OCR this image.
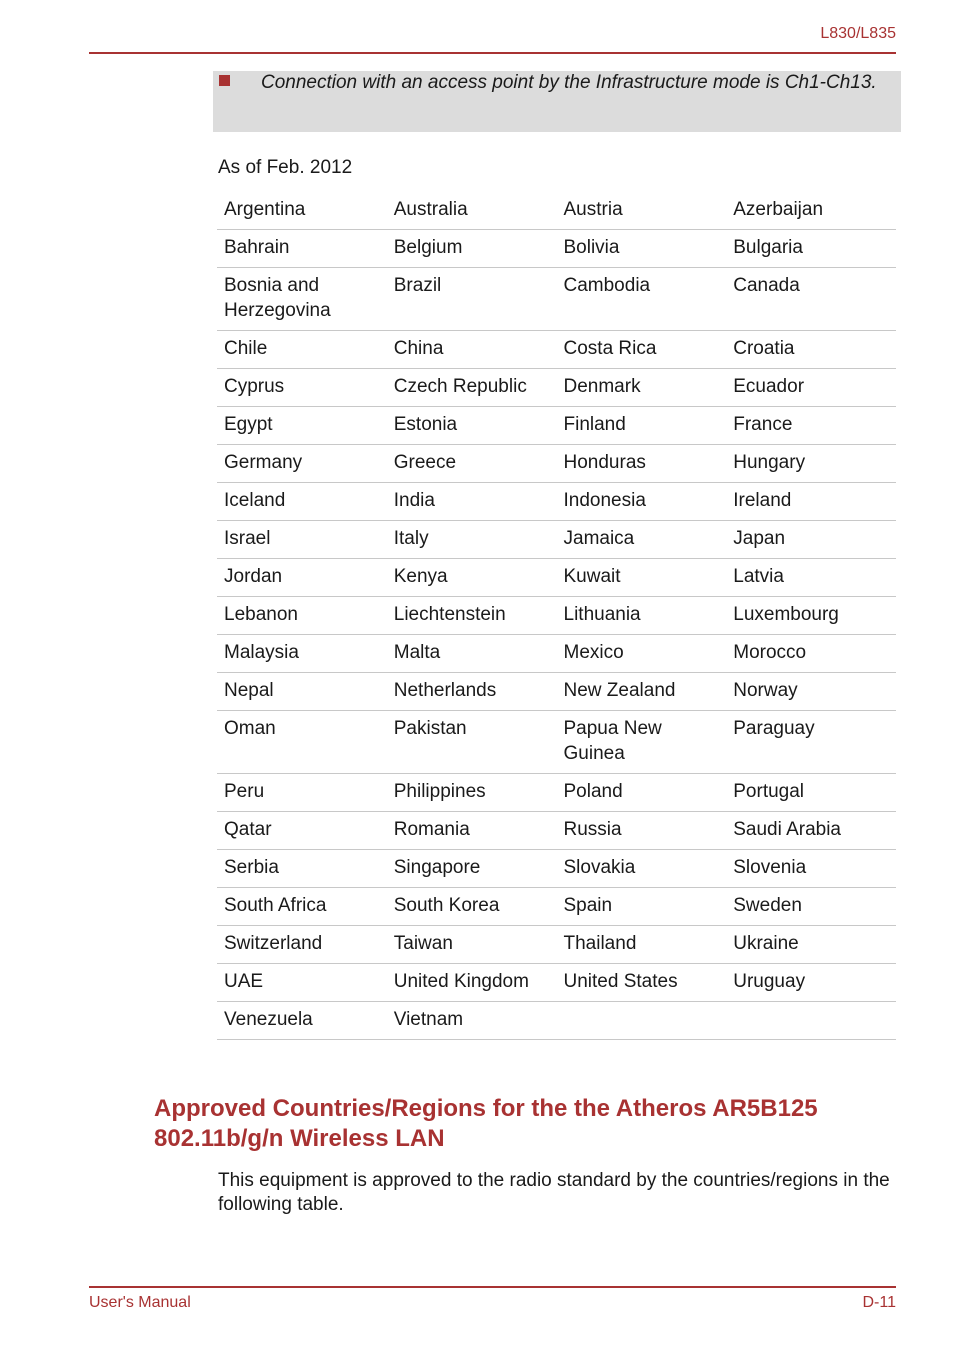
L830/L835
Connection with an access point by the Infrastructure mode is Ch1-Ch13.
As of Feb. 2012
Argentina	Australia	Austria	Azerbaijan
Bahrain	Belgium	Bolivia	Bulgaria
Bosnia and Herzegovina	Brazil	Cambodia	Canada
Chile	China	Costa Rica	Croatia
Cyprus	Czech Republic	Denmark	Ecuador
Egypt	Estonia	Finland	France
Germany	Greece	Honduras	Hungary
Iceland	India	Indonesia	Ireland
Israel	Italy	Jamaica	Japan
Jordan	Kenya	Kuwait	Latvia
Lebanon	Liechtenstein	Lithuania	Luxembourg
Malaysia	Malta	Mexico	Morocco
Nepal	Netherlands	New Zealand	Norway
Oman	Pakistan	Papua New Guinea	Paraguay
Peru	Philippines	Poland	Portugal
Qatar	Romania	Russia	Saudi Arabia
Serbia	Singapore	Slovakia	Slovenia
South Africa	South Korea	Spain	Sweden
Switzerland	Taiwan	Thailand	Ukraine
UAE	United Kingdom	United States	Uruguay
Venezuela	Vietnam		
Approved Countries/Regions for the the Atheros AR5B125 802.11b/g/n Wireless LAN
This equipment is approved to the radio standard by the countries/regions in the following table.
User's Manual	D-11
